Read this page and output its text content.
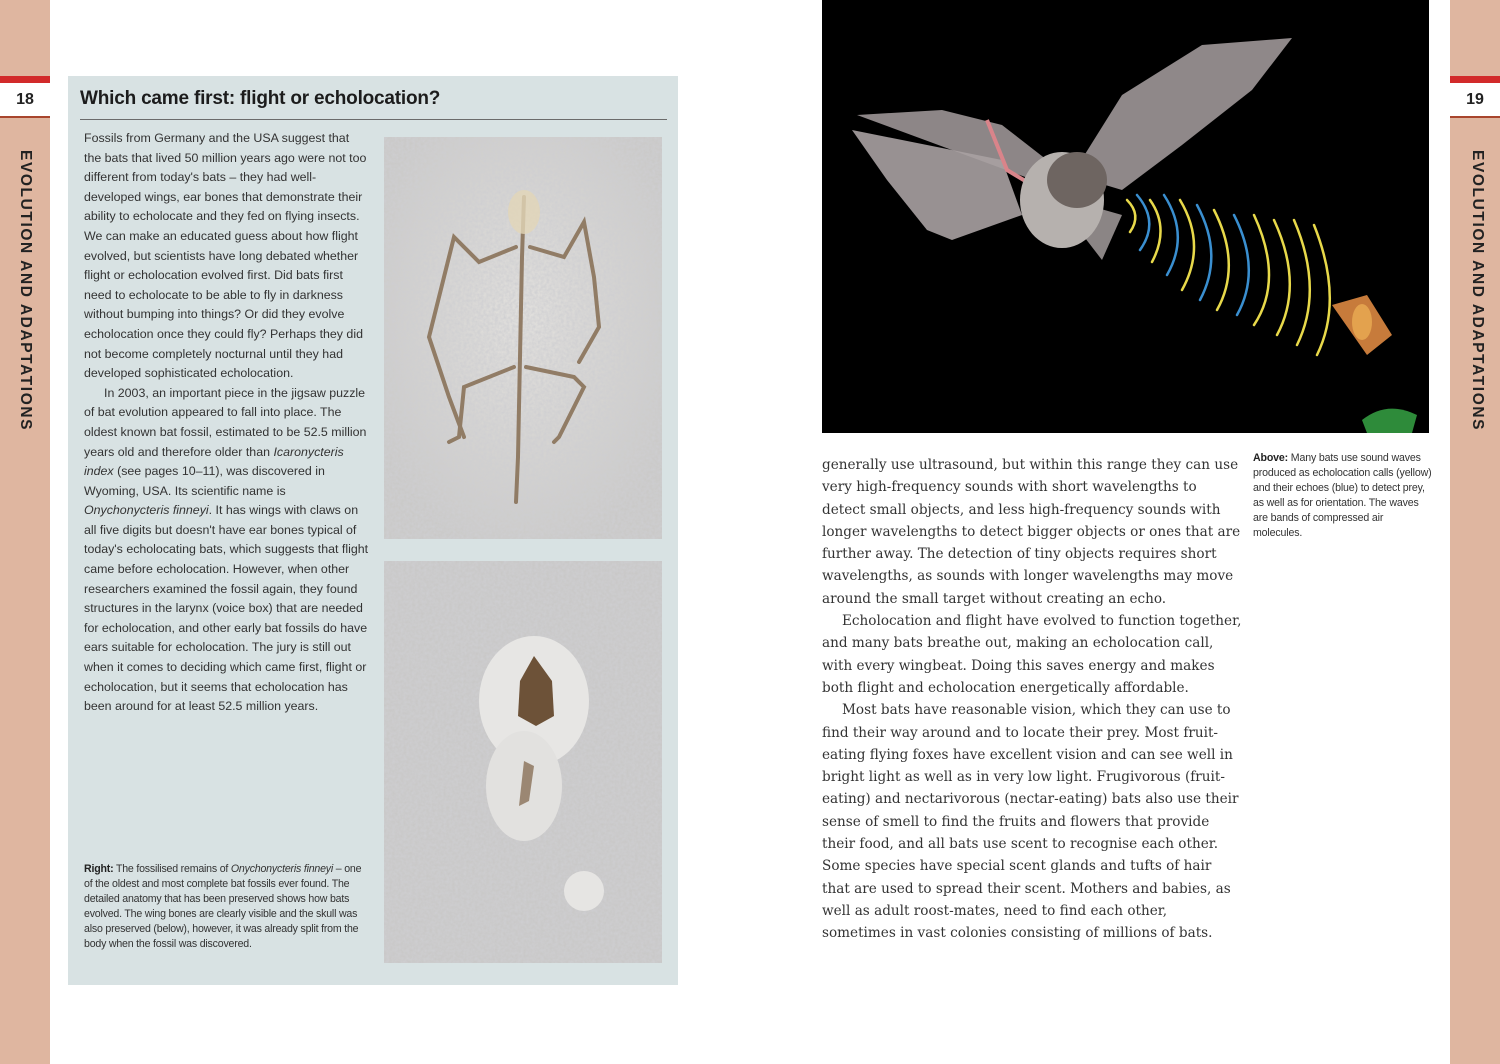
18
EVOLUTION AND ADAPTATIONS
Which came first: flight or echolocation?

Fossils from Germany and the USA suggest that the bats that lived 50 million years ago were not too different from today's bats – they had well-developed wings, ear bones that demonstrate their ability to echolocate and they fed on flying insects. We can make an educated guess about how flight evolved, but scientists have long debated whether flight or echolocation evolved first. Did bats first need to echolocate to be able to fly in darkness without bumping into things? Or did they evolve echolocation once they could fly? Perhaps they did not become completely nocturnal until they had developed sophisticated echolocation.

In 2003, an important piece in the jigsaw puzzle of bat evolution appeared to fall into place. The oldest known bat fossil, estimated to be 52.5 million years old and therefore older than Icaronycteris index (see pages 10–11), was discovered in Wyoming, USA. Its scientific name is Onychonycteris finneyi. It has wings with claws on all five digits but doesn't have ear bones typical of today's echolocating bats, which suggests that flight came before echolocation. However, when other researchers examined the fossil again, they found structures in the larynx (voice box) that are needed for echolocation, and other early bat fossils do have ears suitable for echolocation. The jury is still out when it comes to deciding which came first, flight or echolocation, but it seems that echolocation has been around for at least 52.5 million years.

Right: The fossilised remains of Onychonycteris finneyi – one of the oldest and most complete bat fossils ever found. The detailed anatomy that has been preserved shows how bats evolved. The wing bones are clearly visible and the skull was also preserved (below), however, it was already split from the body when the fossil was discovered.

generally use ultrasound, but within this range they can use very high-frequency sounds with short wavelengths to detect small objects, and less high-frequency sounds with longer wavelengths to detect bigger objects or ones that are further away. The detection of tiny objects requires short wavelengths, as sounds with longer wavelengths may move around the small target without creating an echo.

Echolocation and flight have evolved to function together, and many bats breathe out, making an echolocation call, with every wingbeat. Doing this saves energy and makes both flight and echolocation energetically affordable.

Most bats have reasonable vision, which they can use to find their way around and to locate their prey. Most fruit-eating flying foxes have excellent vision and can see well in bright light as well as in very low light. Frugivorous (fruit-eating) and nectarivorous (nectar-eating) bats also use their sense of smell to find the fruits and flowers that provide their food, and all bats use scent to recognise each other. Some species have special scent glands and tufts of hair that are used to spread their scent. Mothers and babies, as well as adult roost-mates, need to find each other, sometimes in vast colonies consisting of millions of bats.

Above: Many bats use sound waves produced as echolocation calls (yellow) and their echoes (blue) to detect prey, as well as for orientation. The waves are bands of compressed air molecules.
19
EVOLUTION AND ADAPTATIONS
